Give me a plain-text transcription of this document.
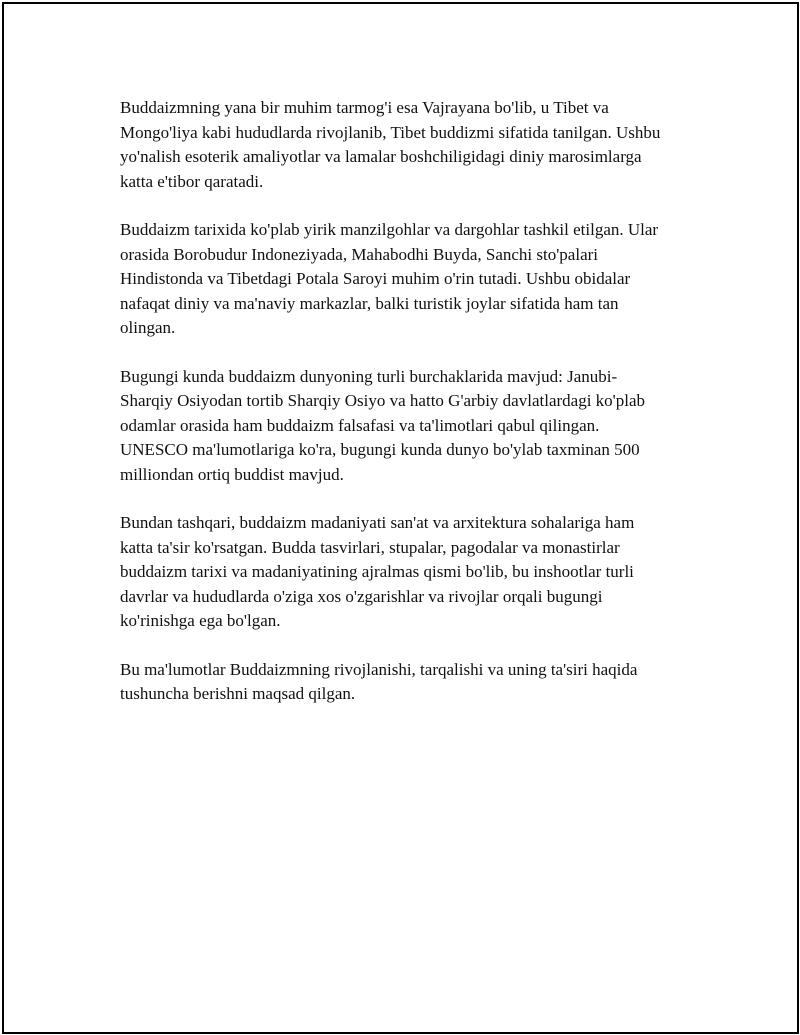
Buddaizmning yana bir muhim tarmog'i esa Vajrayana bo'lib, u Tibet va Mongo'liya kabi hududlarda rivojlanib, Tibet buddizmi sifatida tanilgan. Ushbu yo'nalish esoterik amaliyotlar va lamalar boshchiligidagi diniy marosimlarga katta e'tibor qaratadi.

Buddaizm tarixida ko'plab yirik manzilgohlar va dargohlar tashkil etilgan. Ular orasida Borobudur Indoneziyada, Mahabodhi Buyda, Sanchi sto'palari Hindistonda va Tibetdagi Potala Saroyi muhim o'rin tutadi. Ushbu obidalar nafaqat diniy va ma'naviy markazlar, balki turistik joylar sifatida ham tan olingan.

Bugungi kunda buddaizm dunyoning turli burchaklarida mavjud: Janubi-Sharqiy Osiyodan tortib Sharqiy Osiyo va hatto G'arbiy davlatlardagi ko'plab odamlar orasida ham buddaizm falsafasi va ta'limotlari qabul qilingan. UNESCO ma'lumotlariga ko'ra, bugungi kunda dunyo bo'ylab taxminan 500 milliondan ortiq buddist mavjud.

Bundan tashqari, buddaizm madaniyati san'at va arxitektura sohalariga ham katta ta'sir ko'rsatgan. Budda tasvirlari, stupalar, pagodalar va monastirlar buddaizm tarixi va madaniyatining ajralmas qismi bo'lib, bu inshootlar turli davrlar va hududlarda o'ziga xos o'zgarishlar va rivojlar orqali bugungi ko'rinishga ega bo'lgan.

Bu ma'lumotlar Buddaizmning rivojlanishi, tarqalishi va uning ta'siri haqida tushuncha berishni maqsad qilgan.
